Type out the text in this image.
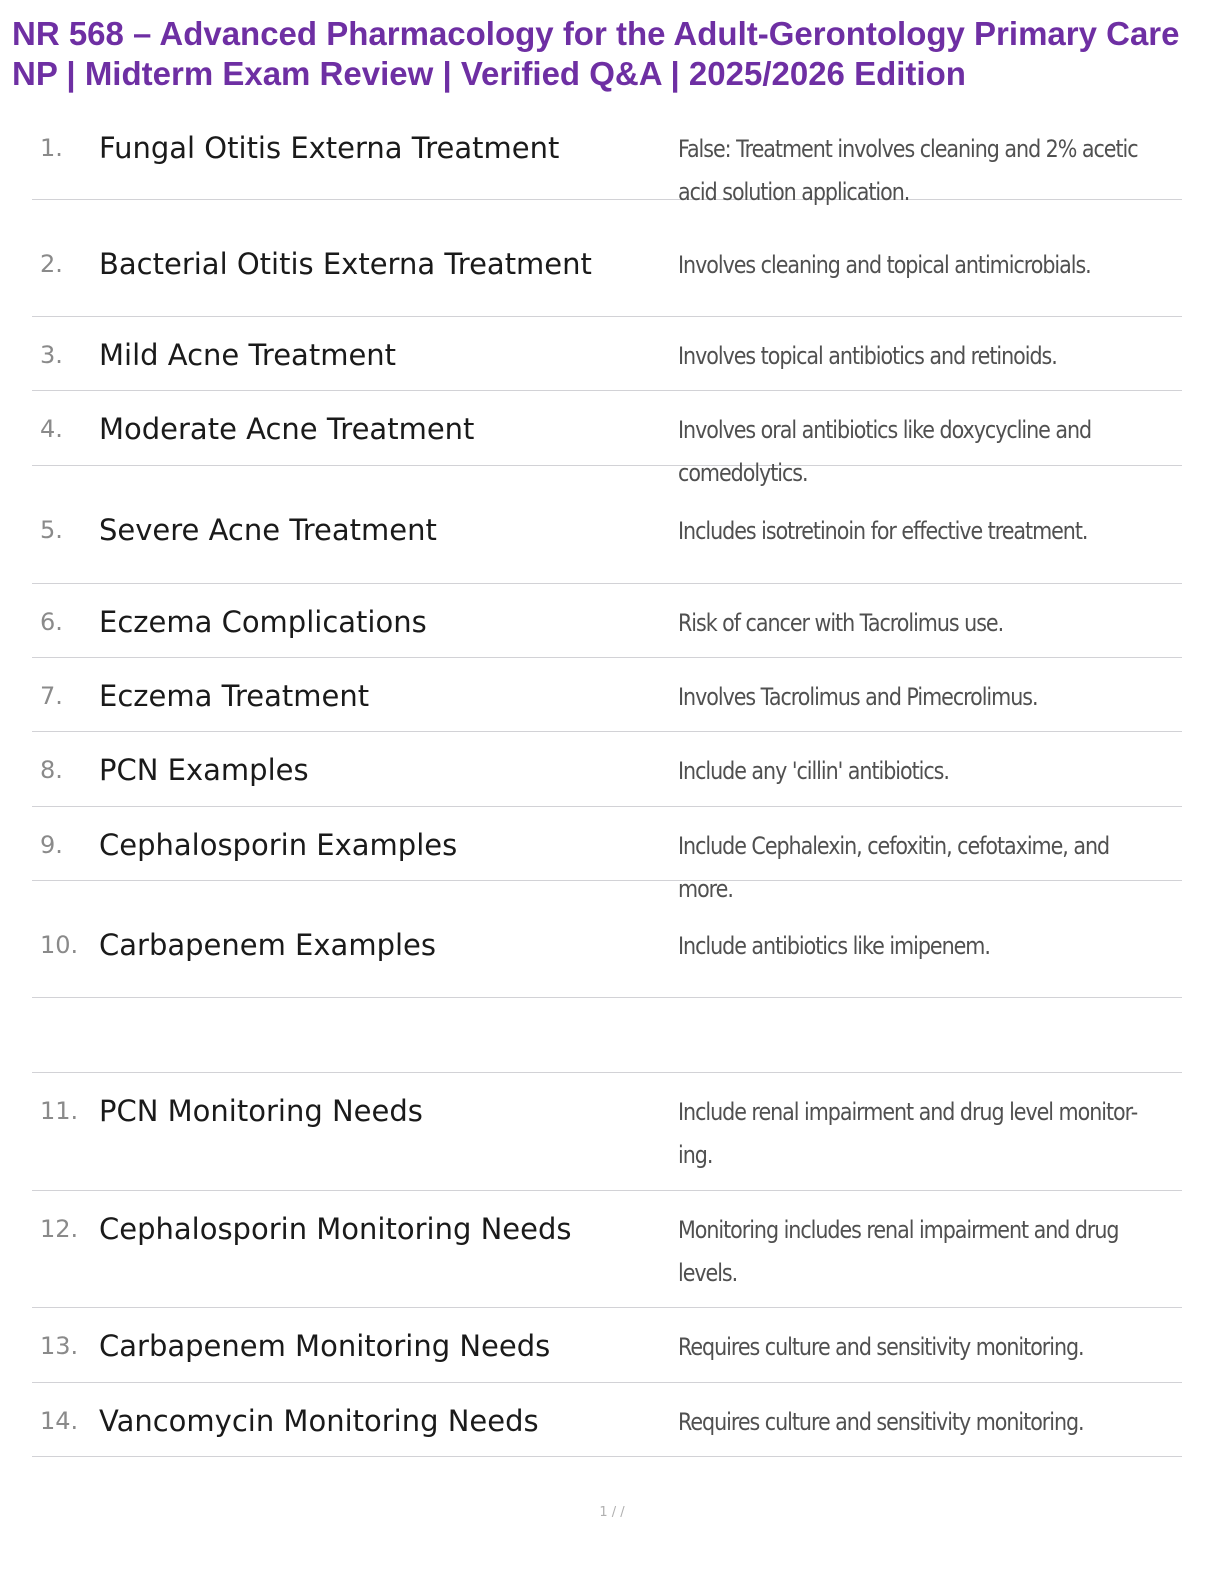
NR 568 – Advanced Pharmacology for the Adult-Gerontology Primary Care NP | Midterm Exam Review | Verified Q&A | 2025/2026 Edition
1. Fungal Otitis Externa Treatment	False: Treatment involves cleaning and 2% acetic acid solution application.
2. Bacterial Otitis Externa Treatment	Involves cleaning and topical antimicrobials.
3. Mild Acne Treatment	Involves topical antibiotics and retinoids.
4. Moderate Acne Treatment	Involves oral antibiotics like doxycycline and comedolytics.
5. Severe Acne Treatment	Includes isotretinoin for effective treatment.
6. Eczema Complications	Risk of cancer with Tacrolimus use.
7. Eczema Treatment	Involves Tacrolimus and Pimecrolimus.
8. PCN Examples	Include any 'cillin' antibiotics.
9. Cephalosporin Examples	Include Cephalexin, cefoxitin, cefotaxime, and more.
10. Carbapenem Examples	Include antibiotics like imipenem.
11. PCN Monitoring Needs	Include renal impairment and drug level monitor-ing.
12. Cephalosporin Monitoring Needs	Monitoring includes renal impairment and drug levels.
13. Carbapenem Monitoring Needs	Requires culture and sensitivity monitoring.
14. Vancomycin Monitoring Needs	Requires culture and sensitivity monitoring.
1 / /
